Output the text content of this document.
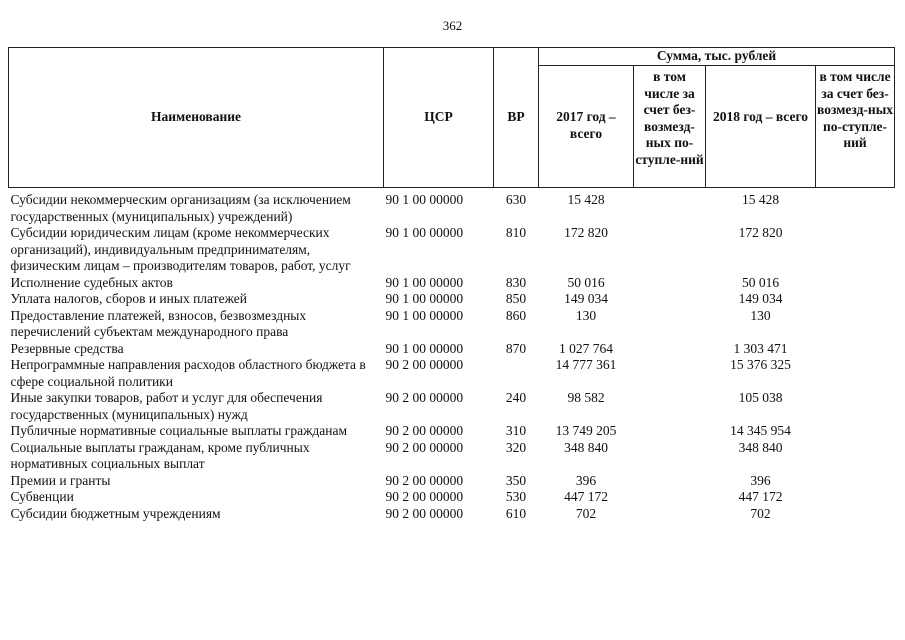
362
Наименование	ЦСР	ВР	Сумма, тыс. рублей			
			2017 год – всего	в том числе за счет без-возмезд-ных по-ступле-ний	2018 год – всего	в том числе за счет без-возмезд-ных по-ступле-ний
Субсидии некоммерческим организациям (за исключением государственных (муниципальных) учреждений)	90 1 00 00000	630	15 428		15 428	
Субсидии юридическим лицам (кроме некоммерческих организаций), индивидуальным предпринимателям, физическим лицам – производителям товаров, работ, услуг	90 1 00 00000	810	172 820		172 820	
Исполнение судебных актов	90 1 00 00000	830	50 016		50 016	
Уплата налогов, сборов и иных платежей	90 1 00 00000	850	149 034		149 034	
Предоставление платежей, взносов, безвозмездных перечислений субъектам международного права	90 1 00 00000	860	130		130	
Резервные средства	90 1 00 00000	870	1 027 764		1 303 471	
Непрограммные направления расходов областного бюджета в сфере социальной политики	90 2 00 00000		14 777 361		15 376 325	
Иные закупки товаров, работ и услуг для обеспечения государственных (муниципальных) нужд	90 2 00 00000	240	98 582		105 038	
Публичные нормативные социальные выплаты гражданам	90 2 00 00000	310	13 749 205		14 345 954	
Социальные выплаты гражданам, кроме публичных нормативных социальных выплат	90 2 00 00000	320	348 840		348 840	
Премии и гранты	90 2 00 00000	350	396		396	
Субвенции	90 2 00 00000	530	447 172		447 172	
Субсидии бюджетным учреждениям	90 2 00 00000	610	702		702	
